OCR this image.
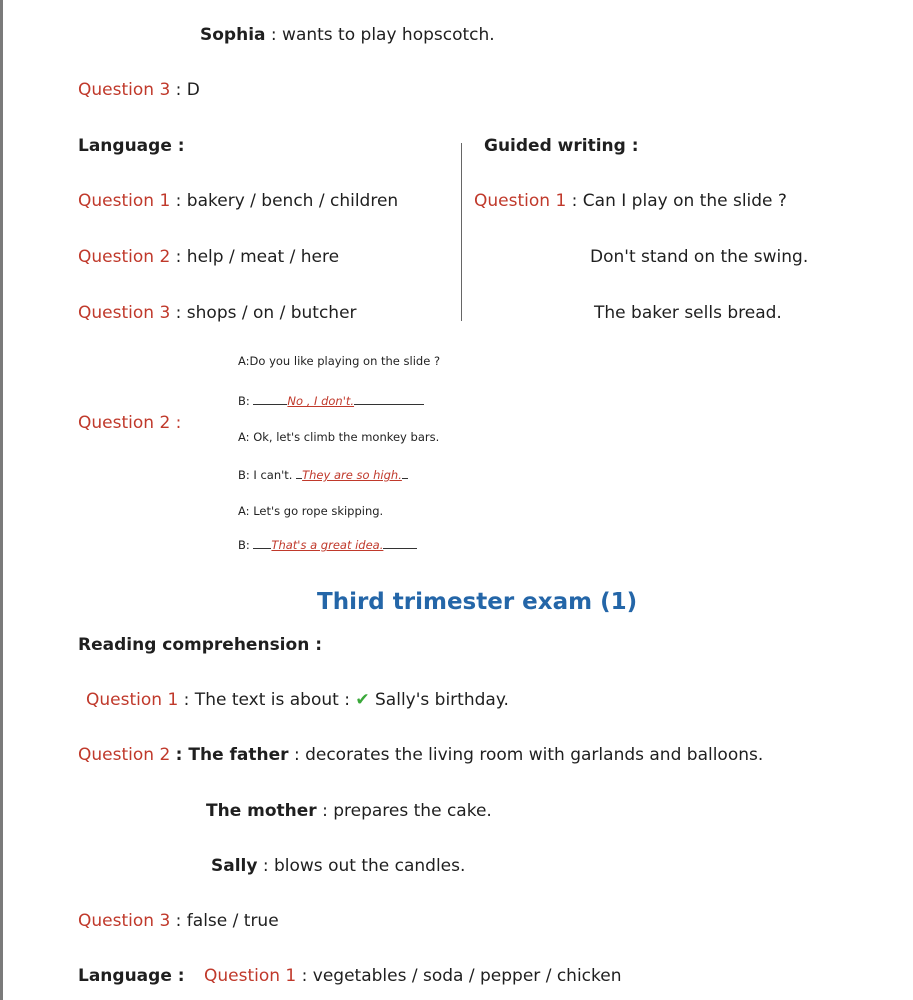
Sophia : wants to play hopscotch.
Question 3 : D
Language :	Guided writing :
Question 1 : bakery / bench / children
Question 2 : help / meat / here
Question 3 : shops / on / butcher
Question 1 : Can I play on the slide ?
Don't stand on the swing.
The baker sells bread.
Question 2 :
A:Do you like playing on the slide ?
B:	No , I don't.
A: Ok, let's climb the monkey bars.
B: I can't. They are so high.
A: Let's go rope skipping.
B: That's a great idea.
Third trimester exam (1)
Reading comprehension :
Question 1 : The text is about : ✔ Sally's birthday.
Question 2 : The father : decorates the living room with garlands and balloons.
The mother : prepares the cake.
Sally : blows out the candles.
Question 3 : false / true
Language : Question 1 : vegetables / soda / pepper / chicken
